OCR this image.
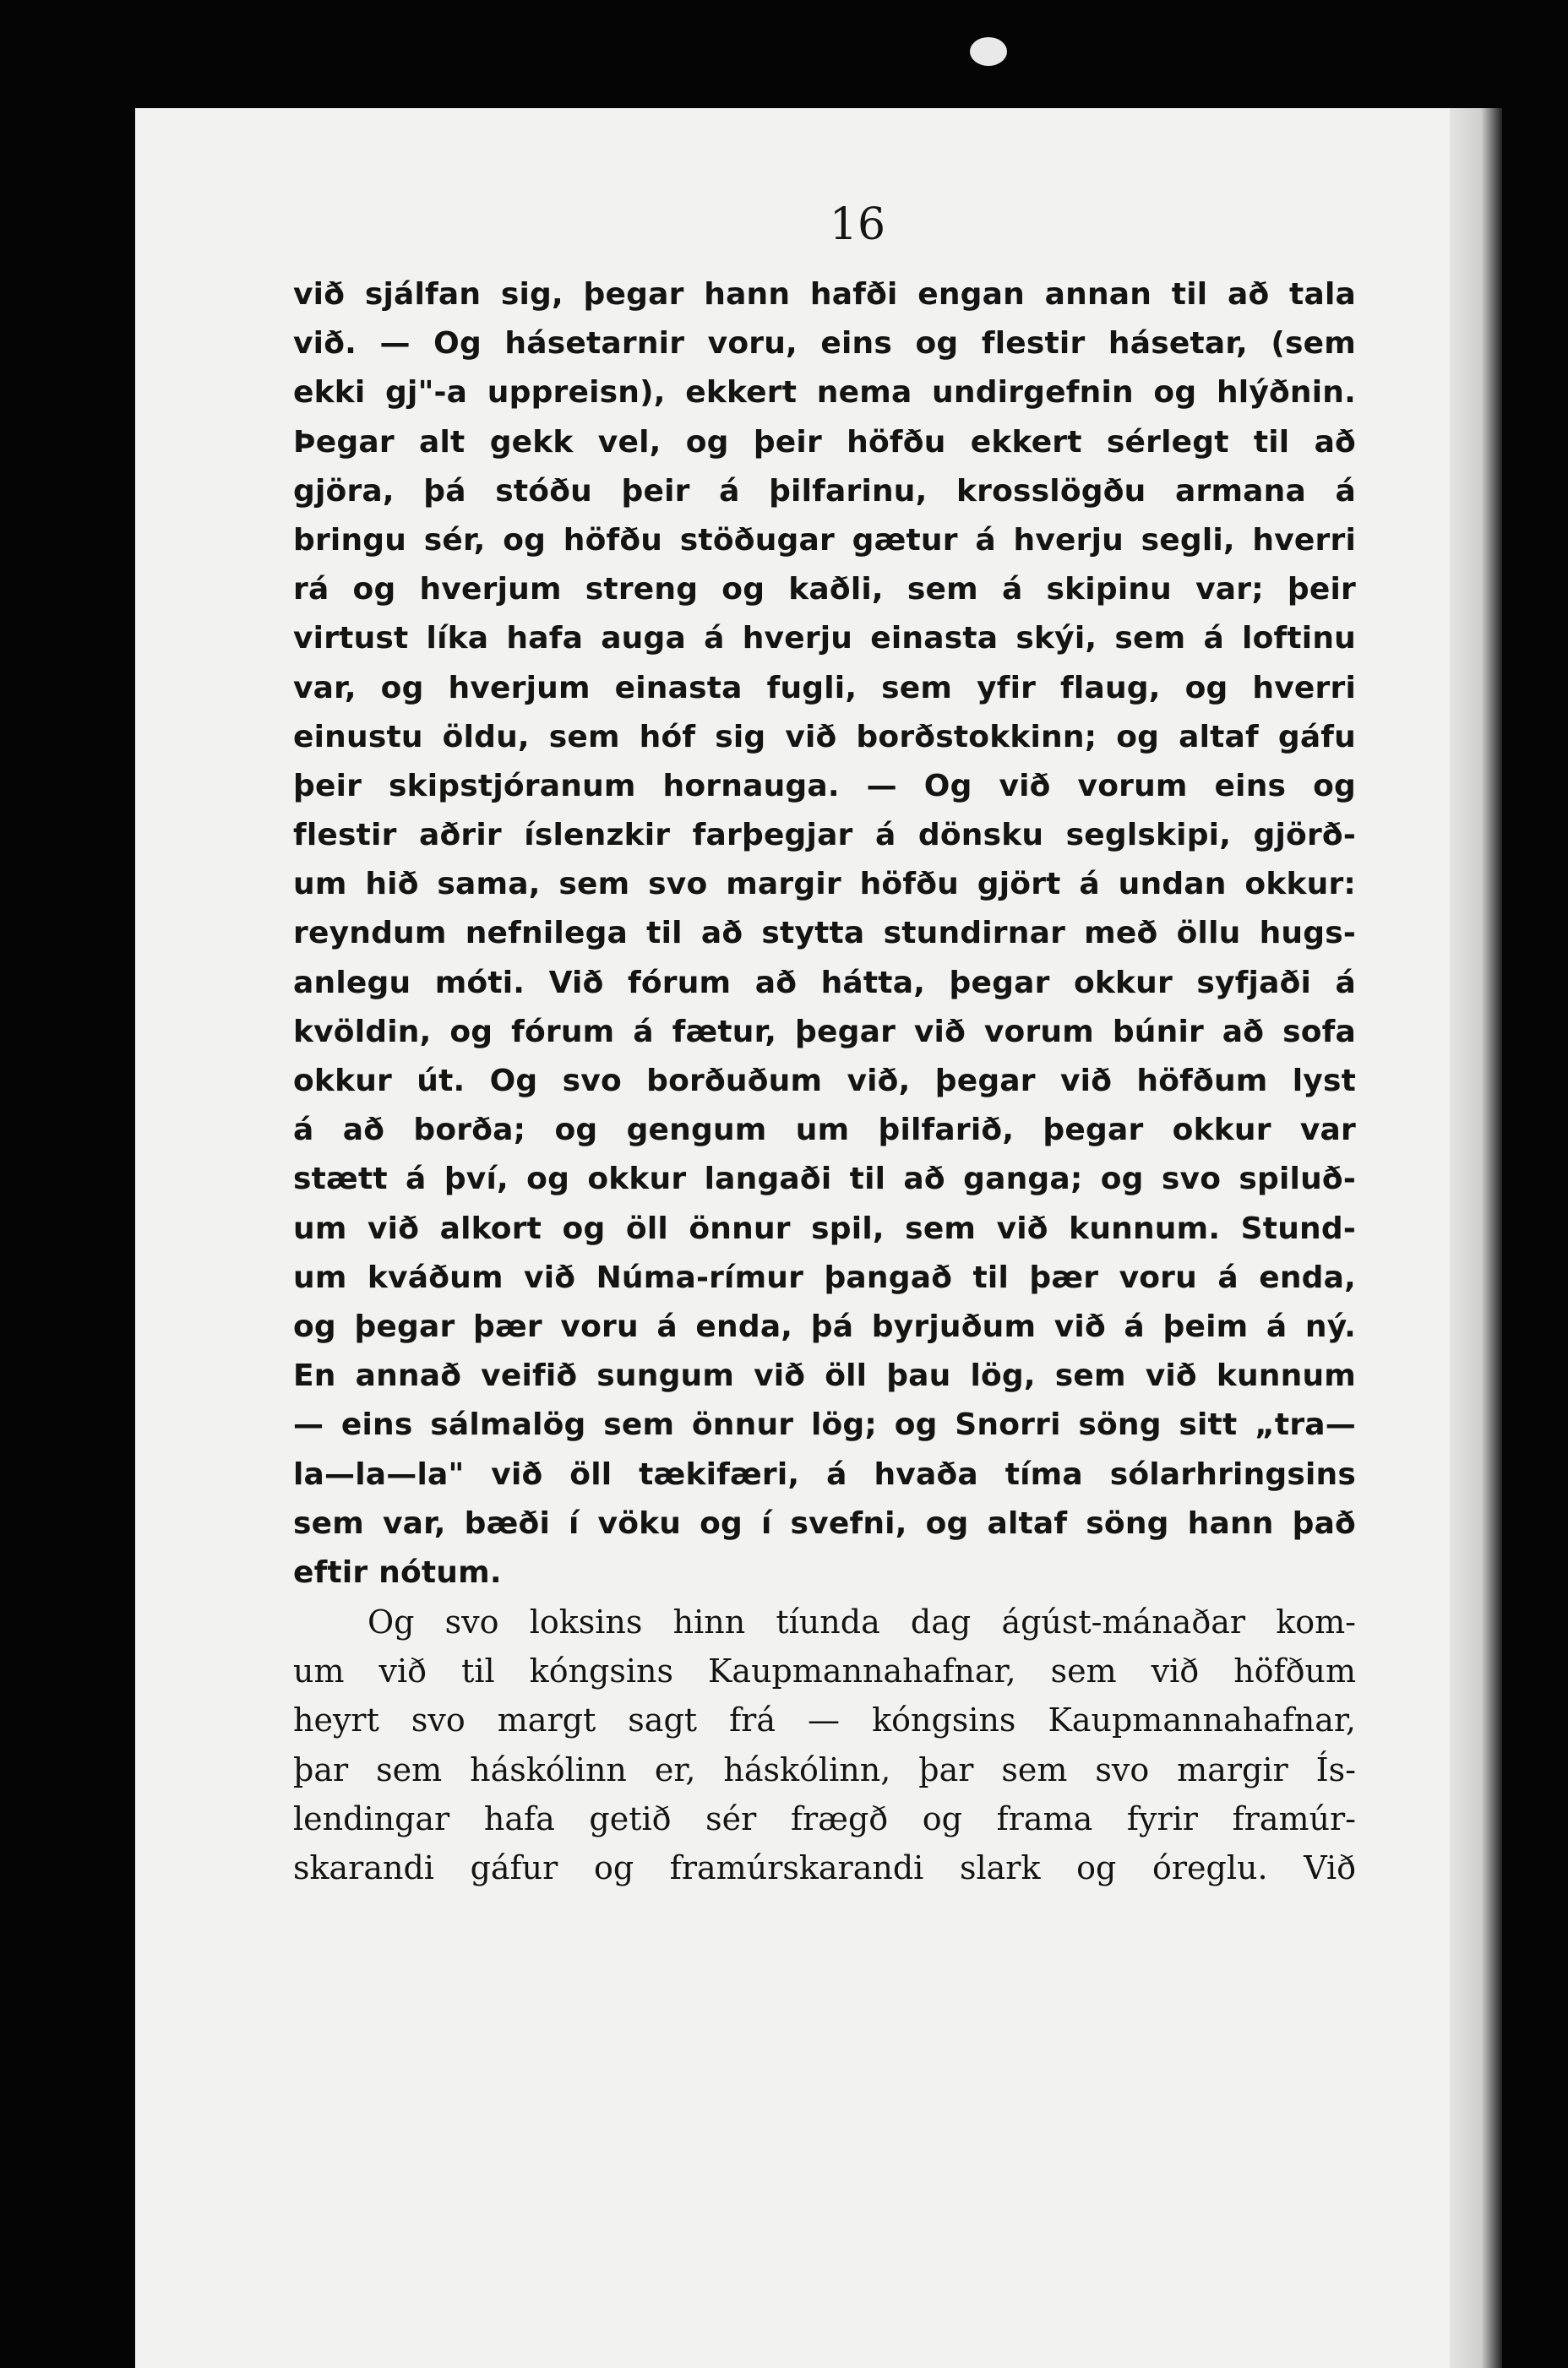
16
við sjálfan sig, þegar hann hafði engan annan til að tala
við. — Og hásetarnir voru, eins og flestir hásetar, (sem
ekki gj"-a uppreisn), ekkert nema undirgefnin og hlýðnin.
Þegar alt gekk vel, og þeir höfðu ekkert sérlegt til að
gjöra, þá stóðu þeir á þilfarinu, krosslögðu armana á
bringu sér, og höfðu stöðugar gætur á hverju segli, hverri
rá og hverjum streng og kaðli, sem á skipinu var; þeir
virtust líka hafa auga á hverju einasta skýi, sem á loftinu
var, og hverjum einasta fugli, sem yfir flaug, og hverri
einustu öldu, sem hóf sig við borðstokkinn; og altaf gáfu
þeir skipstjóranum hornauga. — Og við vorum eins og
flestir aðrir íslenzkir farþegjar á dönsku seglskipi, gjörð-
um hið sama, sem svo margir höfðu gjört á undan okkur:
reyndum nefnilega til að stytta stundirnar með öllu hugs-
anlegu móti. Við fórum að hátta, þegar okkur syfjaði á
kvöldin, og fórum á fætur, þegar við vorum búnir að sofa
okkur út. Og svo borðuðum við, þegar við höfðum lyst
á að borða; og gengum um þilfarið, þegar okkur var
stætt á því, og okkur langaði til að ganga; og svo spiluð-
um við alkort og öll önnur spil, sem við kunnum. Stund-
um kváðum við Núma-rímur þangað til þær voru á enda,
og þegar þær voru á enda, þá byrjuðum við á þeim á ný.
En annað veifið sungum við öll þau lög, sem við kunnum
— eins sálmalög sem önnur lög; og Snorri söng sitt „tra—
la—la—la" við öll tækifæri, á hvaða tíma sólarhringsins
sem var, bæði í vöku og í svefni, og altaf söng hann það
eftir nótum.
Og svo loksins hinn tíunda dag ágúst-mánaðar kom-
um við til kóngsins Kaupmannahafnar, sem við höfðum
heyrt svo margt sagt frá — kóngsins Kaupmannahafnar,
þar sem háskólinn er, háskólinn, þar sem svo margir Ís-
lendingar hafa getið sér frægð og frama fyrir framúr-
skarandi gáfur og framúrskarandi slark og óreglu. Við
